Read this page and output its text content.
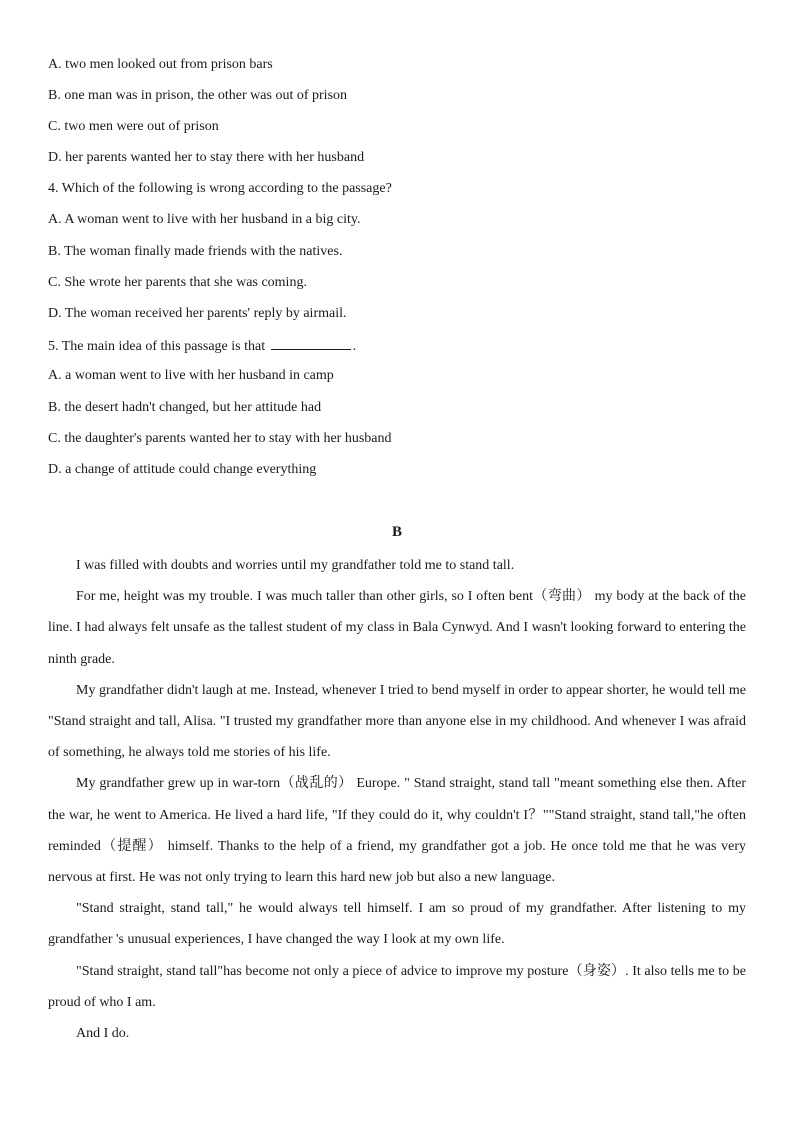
A. two men looked out from prison bars
B. one man was in prison, the other was out of prison
C. two men were out of prison
D. her parents wanted her to stay there with her husband
4. Which of the following is wrong according to the passage?
A. A woman went to live with her husband in a big city.
B. The woman finally made friends with the natives.
C. She wrote her parents that she was coming.
D. The woman received her parents' reply by airmail.
5. The main idea of this passage is that	.
A. a woman went to live with her husband in camp
B. the desert hadn't changed, but her attitude had
C. the daughter's parents wanted her to stay with her husband
D. a change of attitude could change everything
B

I was filled with doubts and worries until my grandfather told me to stand tall.

For me, height was my trouble. I was much taller than other girls, so I often bent（弯曲） my body at the back of the line. I had always felt unsafe as the tallest student of my class in Bala Cynwyd. And I wasn't looking forward to entering the ninth grade.

My grandfather didn't laugh at me. Instead, whenever I tried to bend myself in order to appear shorter, he would tell me "Stand straight and tall, Alisa. "I trusted my grandfather more than anyone else in my childhood. And whenever I was afraid of something, he always told me stories of his life.

My grandfather grew up in war-torn（战乱的） Europe. " Stand straight, stand tall "meant something else then. After the war, he went to America. He lived a hard life, "If they could do it, why couldn't I？""Stand straight, stand tall,"he often reminded（提醒） himself. Thanks to the help of a friend, my grandfather got a job. He once told me that he was very nervous at first. He was not only trying to learn this hard new job but also a new language.

"Stand straight, stand tall," he would always tell himself. I am so proud of my grandfather. After listening to my grandfather 's unusual experiences, I have changed the way I look at my own life.

"Stand straight, stand tall"has become not only a piece of advice to improve my posture（身姿）. It also tells me to be proud of who I am.

And I do.
